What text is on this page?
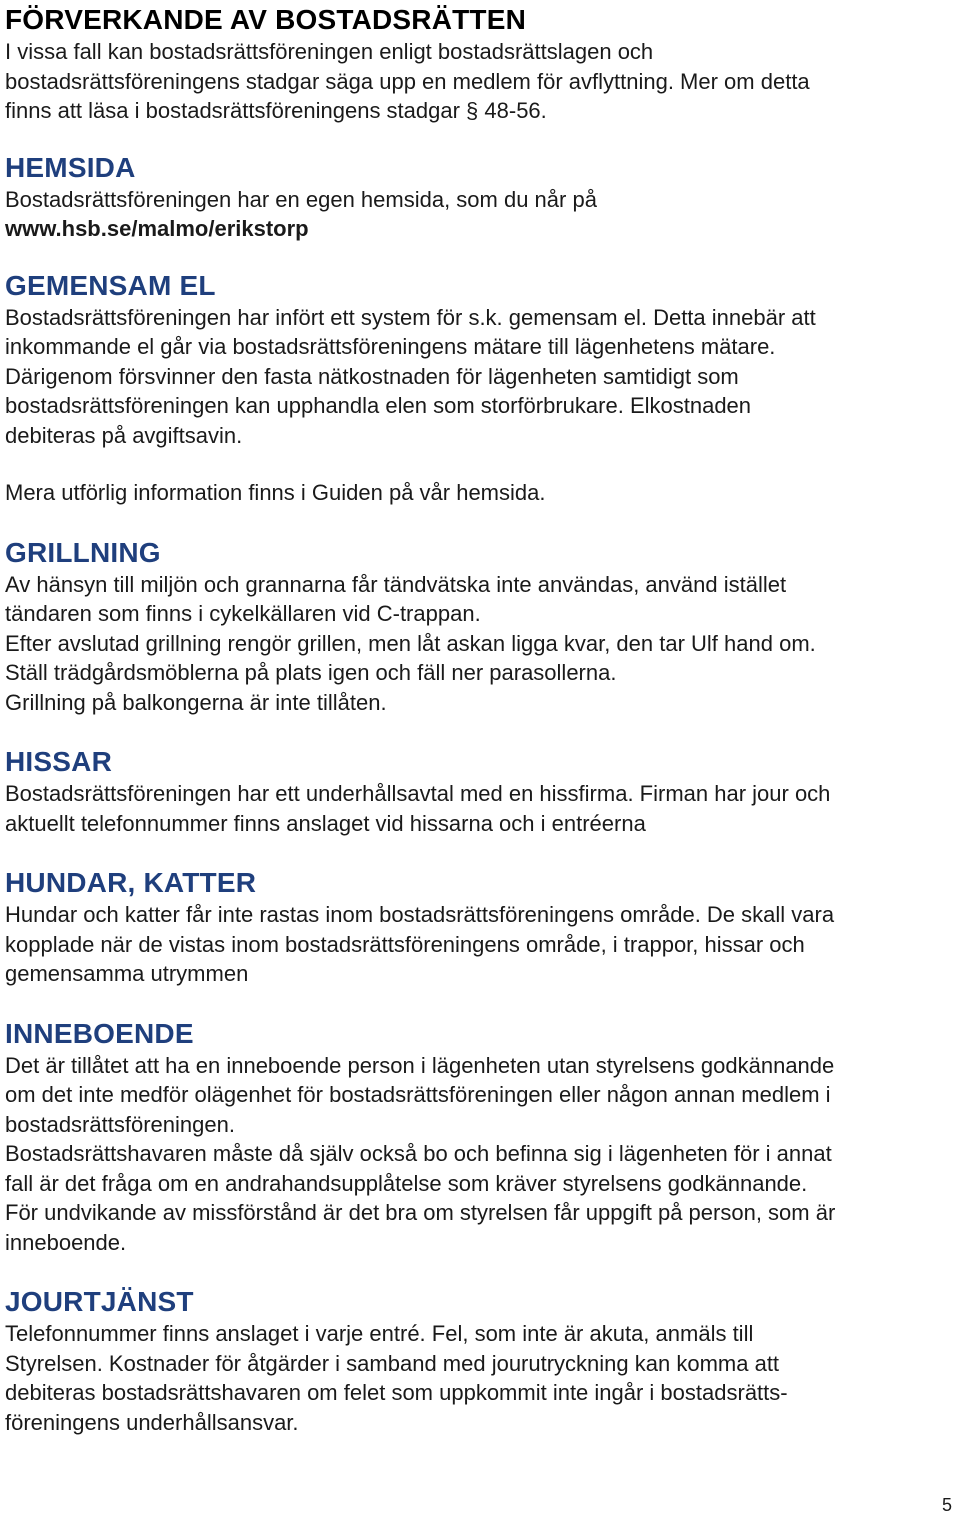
FÖRVERKANDE AV BOSTADSRÄTTEN

I vissa fall kan bostadsrättsföreningen enligt bostadsrättslagen och

bostadsrättsföreningens stadgar säga upp en medlem för avflyttning. Mer om detta

finns att läsa i bostadsrättsföreningens stadgar § 48-56.

HEMSIDA

Bostadsrättsföreningen har en egen hemsida, som du når på

www.hsb.se/malmo/erikstorp

GEMENSAM EL

Bostadsrättsföreningen har infört ett system för s.k. gemensam el. Detta innebär att

inkommande el går via bostadsrättsföreningens mätare till lägenhetens mätare.

Därigenom försvinner den fasta nätkostnaden för lägenheten samtidigt som

bostadsrättsföreningen kan upphandla elen som storförbrukare. Elkostnaden

debiteras på avgiftsavin.

Mera utförlig information finns i Guiden på vår hemsida.

GRILLNING

Av hänsyn till miljön och grannarna får tändvätska inte användas, använd istället

tändaren som finns i cykelkällaren vid C-trappan.

Efter avslutad grillning rengör grillen, men låt askan ligga kvar, den tar Ulf hand om.

Ställ trädgårdsmöblerna på plats igen och fäll ner parasollerna.

Grillning på balkongerna är inte tillåten.

HISSAR

Bostadsrättsföreningen har ett underhållsavtal med en hissfirma. Firman har jour och

aktuellt telefonnummer finns anslaget vid hissarna och i entréerna

HUNDAR, KATTER

Hundar och katter får inte rastas inom bostadsrättsföreningens område. De skall vara

kopplade när de vistas inom bostadsrättsföreningens område, i trappor, hissar och

gemensamma utrymmen

INNEBOENDE

Det är tillåtet att ha en inneboende person i lägenheten utan styrelsens godkännande

om det inte medför olägenhet för bostadsrättsföreningen eller någon annan medlem i

bostadsrättsföreningen.

Bostadsrättshavaren måste då själv också bo och befinna sig i lägenheten för i annat

fall är det fråga om en andrahandsupplåtelse som kräver styrelsens godkännande.

För undvikande av missförstånd är det bra om styrelsen får uppgift på person, som är

inneboende.

JOURTJÄNST

Telefonnummer finns anslaget i varje entré. Fel, som inte är akuta, anmäls till

Styrelsen. Kostnader för åtgärder i samband med jourutryckning kan komma att

debiteras bostadsrättshavaren om felet som uppkommit inte ingår i bostadsrätts-

föreningens underhållsansvar.

5
